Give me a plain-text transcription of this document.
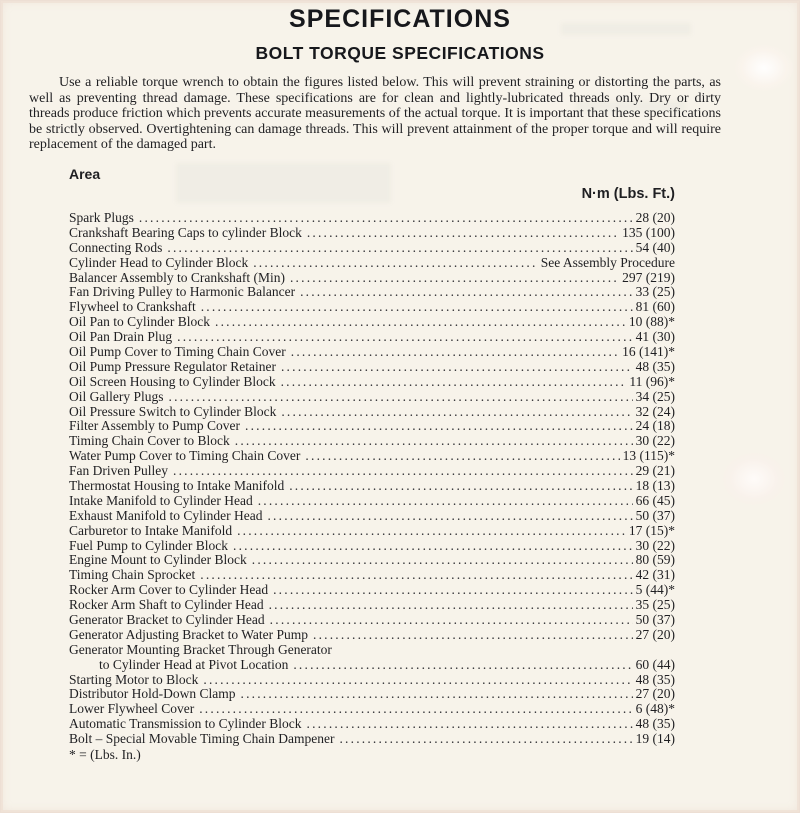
SPECIFICATIONS
BOLT TORQUE SPECIFICATIONS

Use a reliable torque wrench to obtain the figures listed below. This will prevent straining or distorting the parts, as well as preventing thread damage. These specifications are for clean and lightly-lubricated threads only. Dry or dirty threads produce friction which prevents accurate measurements of the actual torque. It is important that these specifications be strictly observed. Overtightening can damage threads. This will prevent attainment of the proper torque and will require replacement of the damaged part.

Area
N·m (Lbs. Ft.)
Spark Plugs .....	28 (20)
Crankshaft Bearing Caps to cylinder Block .....	135 (100)
Connecting Rods .....	54 (40)
Cylinder Head to Cylinder Block .....	See Assembly Procedure
Balancer Assembly to Crankshaft (Min) .....	297 (219)
Fan Driving Pulley to Harmonic Balancer .....	33 (25)
Flywheel to Crankshaft .....	81 (60)
Oil Pan to Cylinder Block .....	10 (88)*
Oil Pan Drain Plug .....	41 (30)
Oil Pump Cover to Timing Chain Cover .....	16 (141)*
Oil Pump Pressure Regulator Retainer .....	48 (35)
Oil Screen Housing to Cylinder Block .....	11 (96)*
Oil Gallery Plugs .....	34 (25)
Oil Pressure Switch to Cylinder Block .....	32 (24)
Filter Assembly to Pump Cover .....	24 (18)
Timing Chain Cover to Block .....	30 (22)
Water Pump Cover to Timing Chain Cover .....	13 (115)*
Fan Driven Pulley .....	29 (21)
Thermostat Housing to Intake Manifold .....	18 (13)
Intake Manifold to Cylinder Head .....	66 (45)
Exhaust Manifold to Cylinder Head .....	50 (37)
Carburetor to Intake Manifold .....	17 (15)*
Fuel Pump to Cylinder Block .....	30 (22)
Engine Mount to Cylinder Block .....	80 (59)
Timing Chain Sprocket .....	42 (31)
Rocker Arm Cover to Cylinder Head .....	5 (44)*
Rocker Arm Shaft to Cylinder Head .....	35 (25)
Generator Bracket to Cylinder Head .....	50 (37)
Generator Adjusting Bracket to Water Pump .....	27 (20)
Generator Mounting Bracket Through Generator
to Cylinder Head at Pivot Location .....	60 (44)
Starting Motor to Block .....	48 (35)
Distributor Hold-Down Clamp .....	27 (20)
Lower Flywheel Cover .....	6 (48)*
Automatic Transmission to Cylinder Block .....	48 (35)
Bolt – Special Movable Timing Chain Dampener .....	19 (14)
* = (Lbs. In.)
